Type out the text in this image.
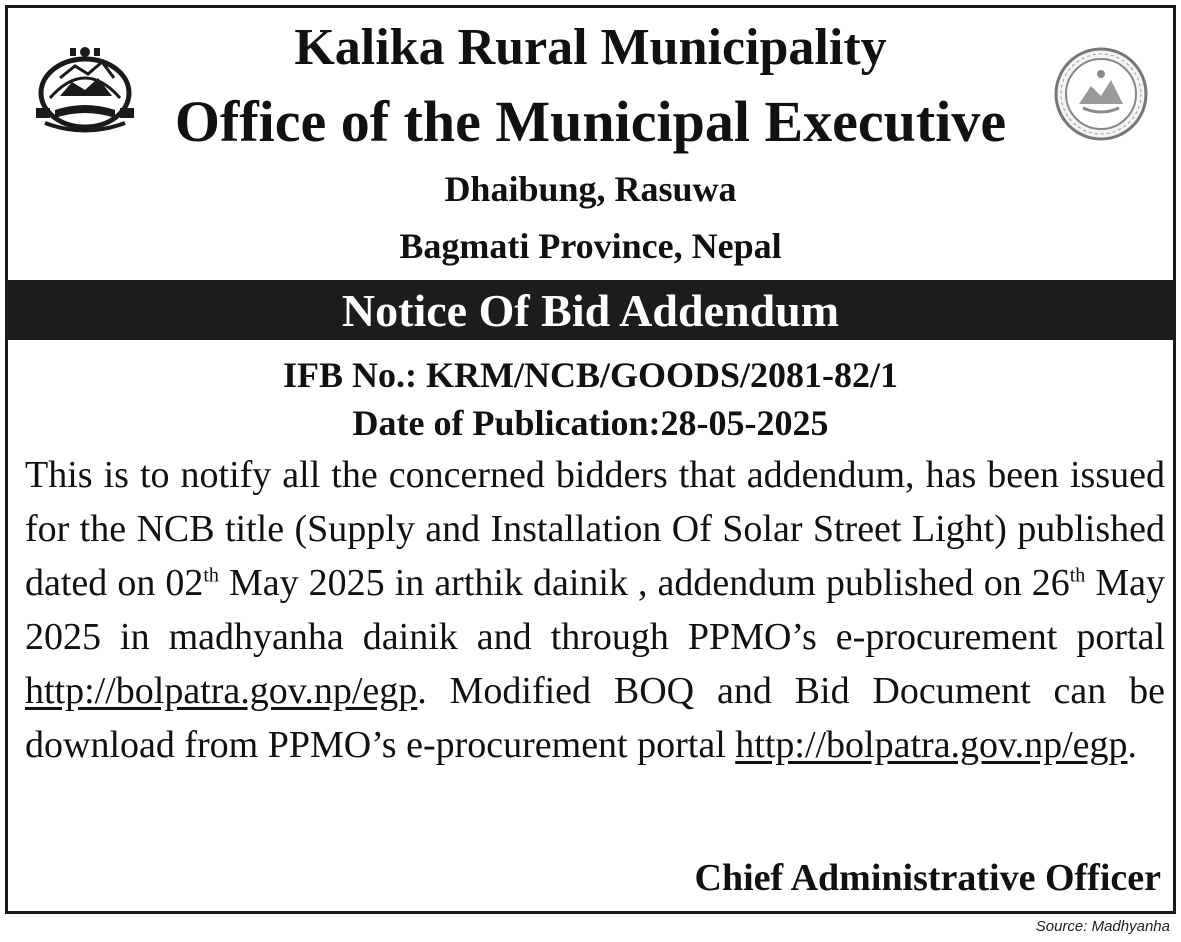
Kalika Rural Municipality
Office of the Municipal Executive
Dhaibung, Rasuwa
Bagmati Province, Nepal
Notice Of Bid Addendum
IFB No.: KRM/NCB/GOODS/2081-82/1
Date of Publication:28-05-2025
This is to notify all the concerned bidders that addendum, has been issued for the NCB title (Supply and Installation Of Solar Street Light) published dated on 02th May 2025 in arthik dainik , addendum published on 26th May 2025 in madhyanha dainik and through PPMO’s e-procurement portal http://bolpatra.gov.np/egp. Modified BOQ and Bid Document can be download from PPMO’s e-procurement portal http://bolpatra.gov.np/egp.
Chief Administrative Officer
Source: Madhyanha
